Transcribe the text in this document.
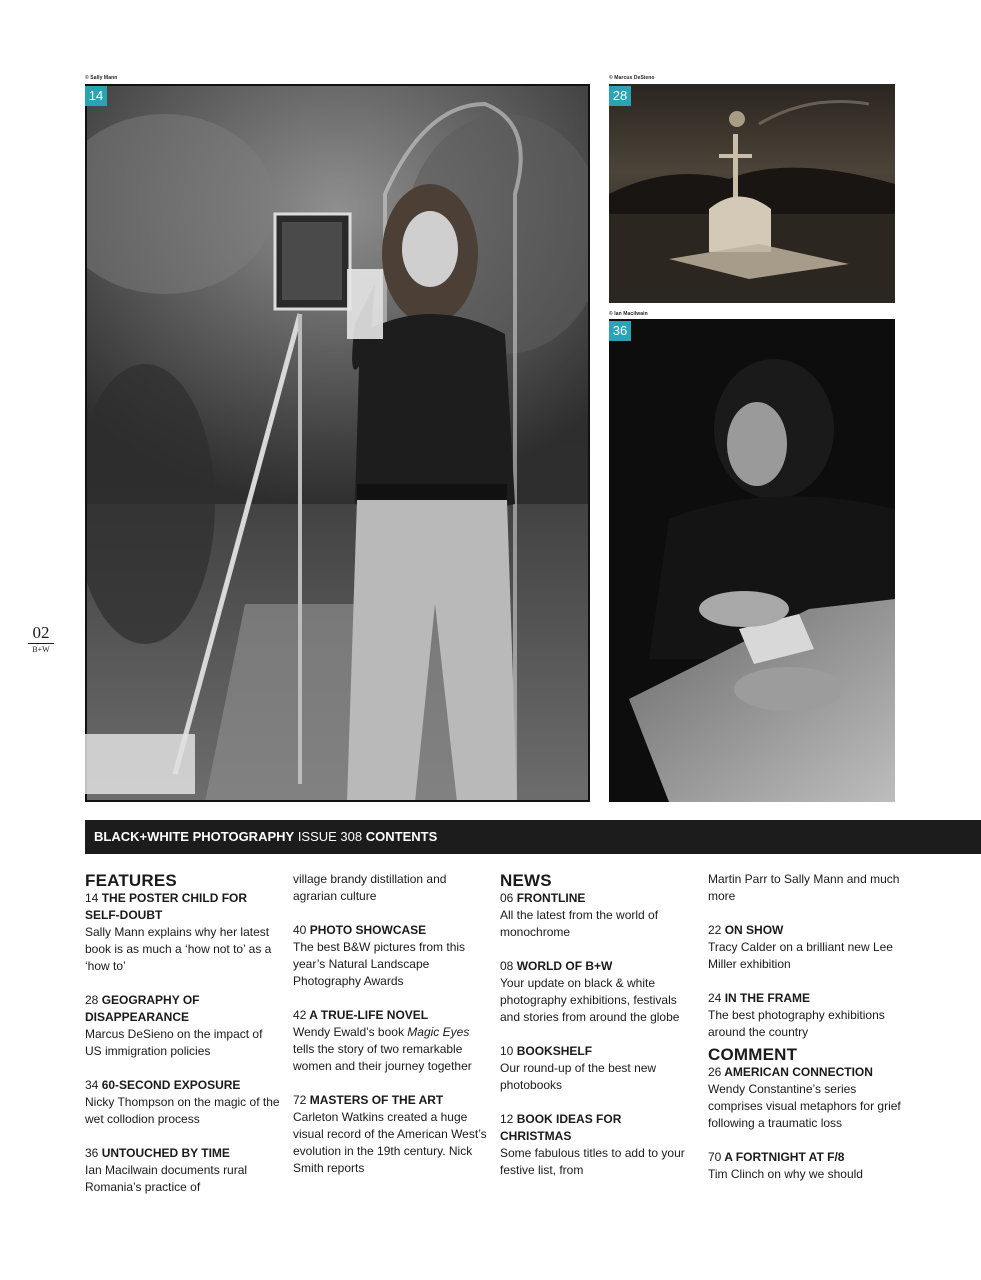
© Sally Mann
14
© Marcus DeSieno
28
© Ian Macilwain
36
02
B+W
BLACK+WHITE PHOTOGRAPHY ISSUE 308 CONTENTS
FEATURES
14 THE POSTER CHILD FOR SELF-DOUBT

Sally Mann explains why her latest book is as much a ‘how not to’ as a ‘how to’

28 GEOGRAPHY OF DISAPPEARANCE

Marcus DeSieno on the impact of US immigration policies

34 60-SECOND EXPOSURE

Nicky Thompson on the magic of the wet collodion process

36 UNTOUCHED BY TIME

Ian Macilwain documents rural Romania’s practice of

village brandy distillation and agrarian culture

40 PHOTO SHOWCASE

The best B&W pictures from this year’s Natural Landscape Photography Awards

42 A TRUE-LIFE NOVEL

Wendy Ewald’s book Magic Eyes tells the story of two remarkable women and their journey together

72 MASTERS OF THE ART

Carleton Watkins created a huge visual record of the American West’s evolution in the 19th century. Nick Smith reports

NEWS
06 FRONTLINE

All the latest from the world of monochrome

08 WORLD OF B+W

Your update on black & white photography exhibitions, festivals and stories from around the globe

10 BOOKSHELF

Our round-up of the best new photobooks

12 BOOK IDEAS FOR CHRISTMAS

Some fabulous titles to add to your festive list, from

Martin Parr to Sally Mann and much more

22 ON SHOW

Tracy Calder on a brilliant new Lee Miller exhibition

24 IN THE FRAME

The best photography exhibitions around the country

COMMENT
26 AMERICAN CONNECTION

Wendy Constantine’s series comprises visual metaphors for grief following a traumatic loss

70 A FORTNIGHT AT F/8

Tim Clinch on why we should
